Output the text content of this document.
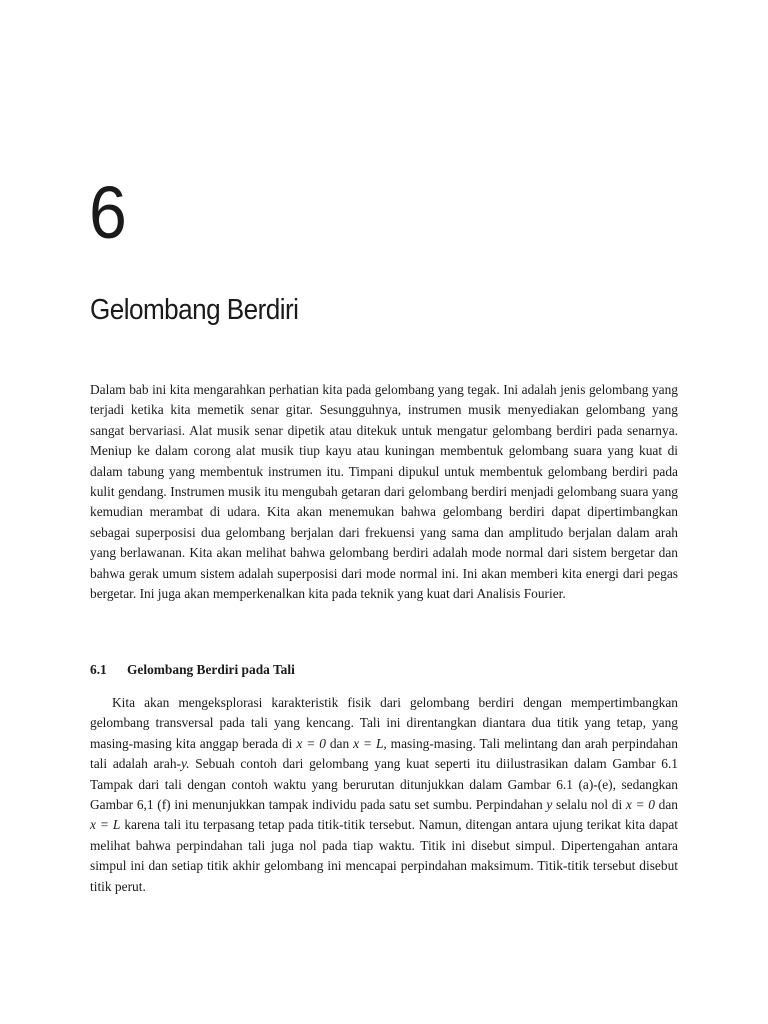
6
Gelombang Berdiri

Dalam bab ini kita mengarahkan perhatian kita pada gelombang yang tegak. Ini adalah jenis gelombang yang terjadi ketika kita memetik senar gitar. Sesungguhnya, instrumen musik menyediakan gelombang yang sangat bervariasi. Alat musik senar dipetik atau ditekuk untuk mengatur gelombang berdiri pada senarnya. Meniup ke dalam corong alat musik tiup kayu atau kuningan membentuk gelombang suara yang kuat di dalam tabung yang membentuk instrumen itu. Timpani dipukul untuk membentuk gelombang berdiri pada kulit gendang. Instrumen musik itu mengubah getaran dari gelombang berdiri menjadi gelombang suara yang kemudian merambat di udara. Kita akan menemukan bahwa gelombang berdiri dapat dipertimbangkan sebagai superposisi dua gelombang berjalan dari frekuensi yang sama dan amplitudo berjalan dalam arah yang berlawanan. Kita akan melihat bahwa gelombang berdiri adalah mode normal dari sistem bergetar dan bahwa gerak umum sistem adalah superposisi dari mode normal ini. Ini akan memberi kita energi dari pegas bergetar. Ini juga akan memperkenalkan kita pada teknik yang kuat dari Analisis Fourier.

6.1 Gelombang Berdiri pada Tali

Kita akan mengeksplorasi karakteristik fisik dari gelombang berdiri dengan mempertimbangkan gelombang transversal pada tali yang kencang. Tali ini direntangkan diantara dua titik yang tetap, yang masing-masing kita anggap berada di x = 0 dan x = L, masing-masing. Tali melintang dan arah perpindahan tali adalah arah-y. Sebuah contoh dari gelombang yang kuat seperti itu diilustrasikan dalam Gambar 6.1 Tampak dari tali dengan contoh waktu yang berurutan ditunjukkan dalam Gambar 6.1 (a)-(e), sedangkan Gambar 6,1 (f) ini menunjukkan tampak individu pada satu set sumbu. Perpindahan y selalu nol di x = 0 dan x = L karena tali itu terpasang tetap pada titik-titik tersebut. Namun, ditengan antara ujung terikat kita dapat melihat bahwa perpindahan tali juga nol pada tiap waktu. Titik ini disebut simpul. Dipertengahan antara simpul ini dan setiap titik akhir gelombang ini mencapai perpindahan maksimum. Titik-titik tersebut disebut titik perut.
